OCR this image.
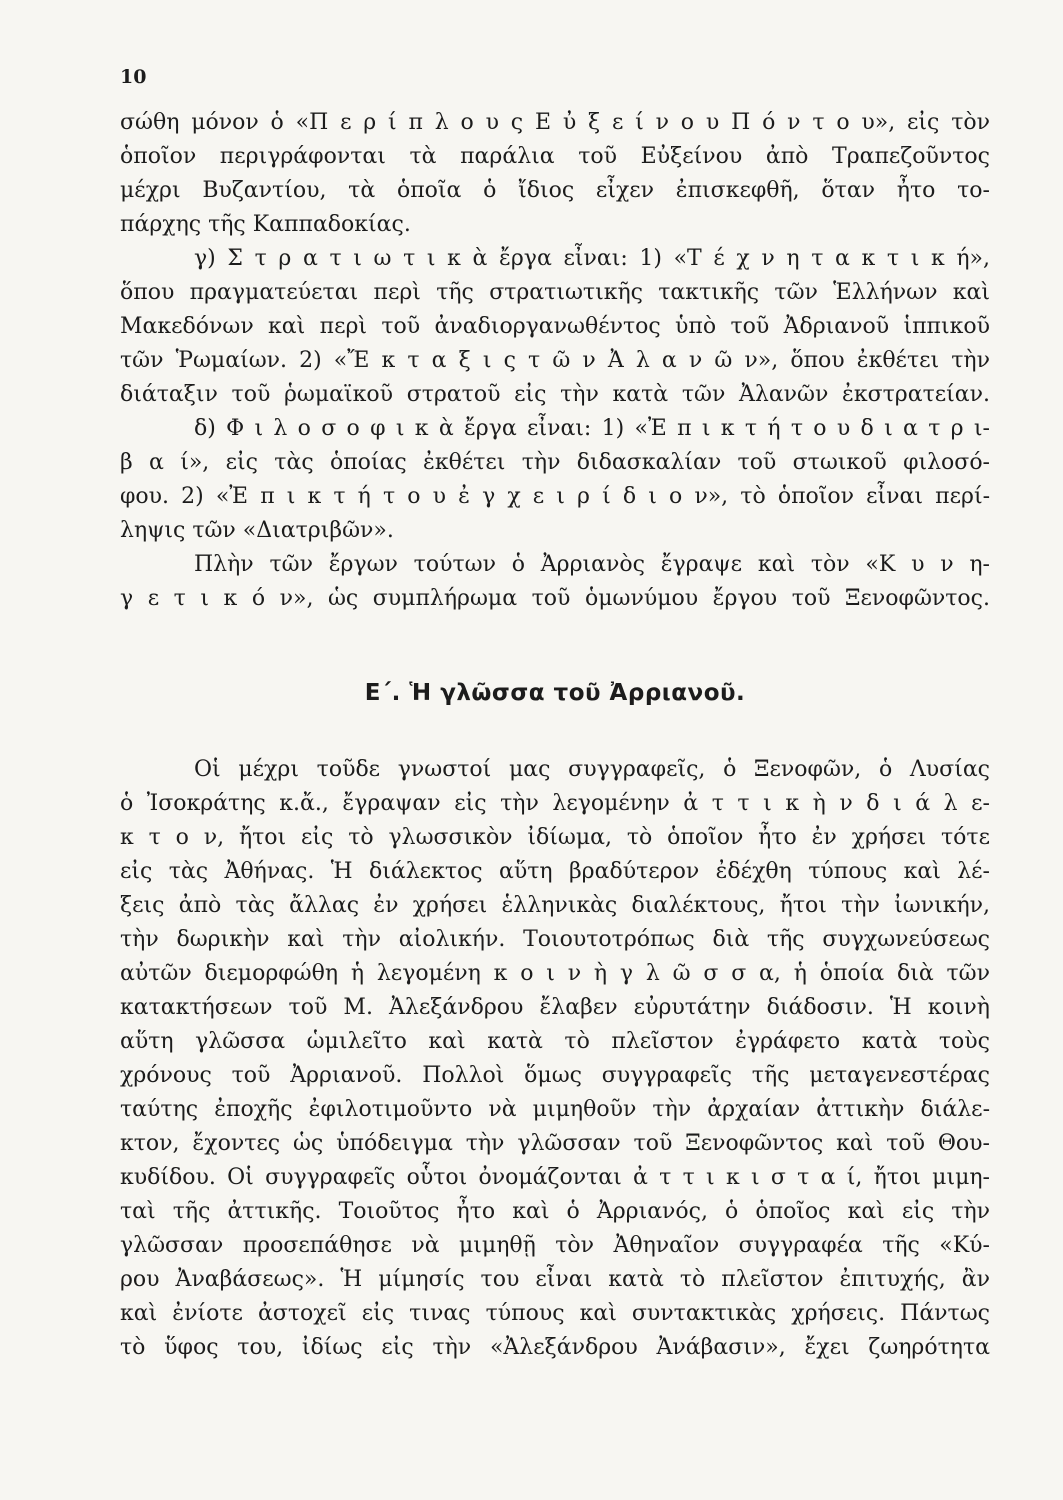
10
σώθη μόνον ὁ «Π ε ρ ί π λ ο υ ς Ε ὐ ξ ε ί ν ο υ Π ό ν τ ο υ», εἰς τὸν
ὁποῖον περιγράφονται τὰ παράλια τοῦ Εὐξείνου ἀπὸ Τραπεζοῦντος
μέχρι Βυζαντίου, τὰ ὁποῖα ὁ ἴδιος εἶχεν ἐπισκεφθῆ, ὅταν ἦτο το-
πάρχης τῆς Καππαδοκίας.
γ) Σ τ ρ α τ ι ω τ ι κ ὰ ἔργα εἶναι: 1) «Τ έ χ ν η τ α κ τ ι κ ή»,
ὅπου πραγματεύεται περὶ τῆς στρατιωτικῆς τακτικῆς τῶν Ἑλλήνων καὶ
Μακεδόνων καὶ περὶ τοῦ ἀναδιοργανωθέντος ὑπὸ τοῦ Ἀδριανοῦ ἱππικοῦ
τῶν Ῥωμαίων. 2) «Ἔ κ τ α ξ ι ς τ ῶ ν Ἀ λ α ν ῶ ν», ὅπου ἐκθέτει τὴν
διάταξιν τοῦ ῥωμαϊκοῦ στρατοῦ εἰς τὴν κατὰ τῶν Ἀλανῶν ἐκστρατείαν.
δ) Φ ι λ ο σ ο φ ι κ ὰ ἔργα εἶναι: 1) «Ἐ π ι κ τ ή τ ο υ δ ι α τ ρ ι-
β α ί», εἰς τὰς ὁποίας ἐκθέτει τὴν διδασκαλίαν τοῦ στωικοῦ φιλοσό-
φου. 2) «Ἐ π ι κ τ ή τ ο υ ἐ γ χ ε ι ρ ί δ ι ο ν», τὸ ὁποῖον εἶναι περί-
ληψις τῶν «Διατριβῶν».
Πλὴν τῶν ἔργων τούτων ὁ Ἀρριανὸς ἔγραψε καὶ τὸν «Κ υ ν η-
γ ε τ ι κ ό ν», ὡς συμπλήρωμα τοῦ ὁμωνύμου ἔργου τοῦ Ξενοφῶντος.
Ε΄. Ἡ γλῶσσα τοῦ Ἀρριανοῦ.
Οἱ μέχρι τοῦδε γνωστοί μας συγγραφεῖς, ὁ Ξενοφῶν, ὁ Λυσίας
ὁ Ἰσοκράτης κ.ἄ., ἔγραψαν εἰς τὴν λεγομένην ἀ τ τ ι κ ὴ ν δ ι ά λ ε-
κ τ ο ν, ἤτοι εἰς τὸ γλωσσικὸν ἰδίωμα, τὸ ὁποῖον ἦτο ἐν χρήσει τότε
εἰς τὰς Ἀθήνας. Ἡ διάλεκτος αὕτη βραδύτερον ἐδέχθη τύπους καὶ λέ-
ξεις ἀπὸ τὰς ἄλλας ἐν χρήσει ἑλληνικὰς διαλέκτους, ἤτοι τὴν ἰωνικήν,
τὴν δωρικὴν καὶ τὴν αἰολικήν. Τοιουτοτρόπως διὰ τῆς συγχωνεύσεως
αὐτῶν διεμορφώθη ἡ λεγομένη κ ο ι ν ὴ γ λ ῶ σ σ α, ἡ ὁποία διὰ τῶν
κατακτήσεων τοῦ Μ. Ἀλεξάνδρου ἔλαβεν εὐρυτάτην διάδοσιν. Ἡ κοινὴ
αὕτη γλῶσσα ὡμιλεῖτο καὶ κατὰ τὸ πλεῖστον ἐγράφετο κατὰ τοὺς
χρόνους τοῦ Ἀρριανοῦ. Πολλοὶ ὅμως συγγραφεῖς τῆς μεταγενεστέρας
ταύτης ἐποχῆς ἐφιλοτιμοῦντο νὰ μιμηθοῦν τὴν ἀρχαίαν ἀττικὴν διάλε-
κτον, ἔχοντες ὡς ὑπόδειγμα τὴν γλῶσσαν τοῦ Ξενοφῶντος καὶ τοῦ Θου-
κυδίδου. Οἱ συγγραφεῖς οὗτοι ὀνομάζονται ἀ τ τ ι κ ι σ τ α ί, ἤτοι μιμη-
ταὶ τῆς ἀττικῆς. Τοιοῦτος ἦτο καὶ ὁ Ἀρριανός, ὁ ὁποῖος καὶ εἰς τὴν
γλῶσσαν προσεπάθησε νὰ μιμηθῇ τὸν Ἀθηναῖον συγγραφέα τῆς «Κύ-
ρου Ἀναβάσεως». Ἡ μίμησίς του εἶναι κατὰ τὸ πλεῖστον ἐπιτυχής, ἂν
καὶ ἐνίοτε ἀστοχεῖ εἰς τινας τύπους καὶ συντακτικὰς χρήσεις. Πάντως
τὸ ὕφος του, ἰδίως εἰς τὴν «Ἀλεξάνδρου Ἀνάβασιν», ἔχει ζωηρότητα
